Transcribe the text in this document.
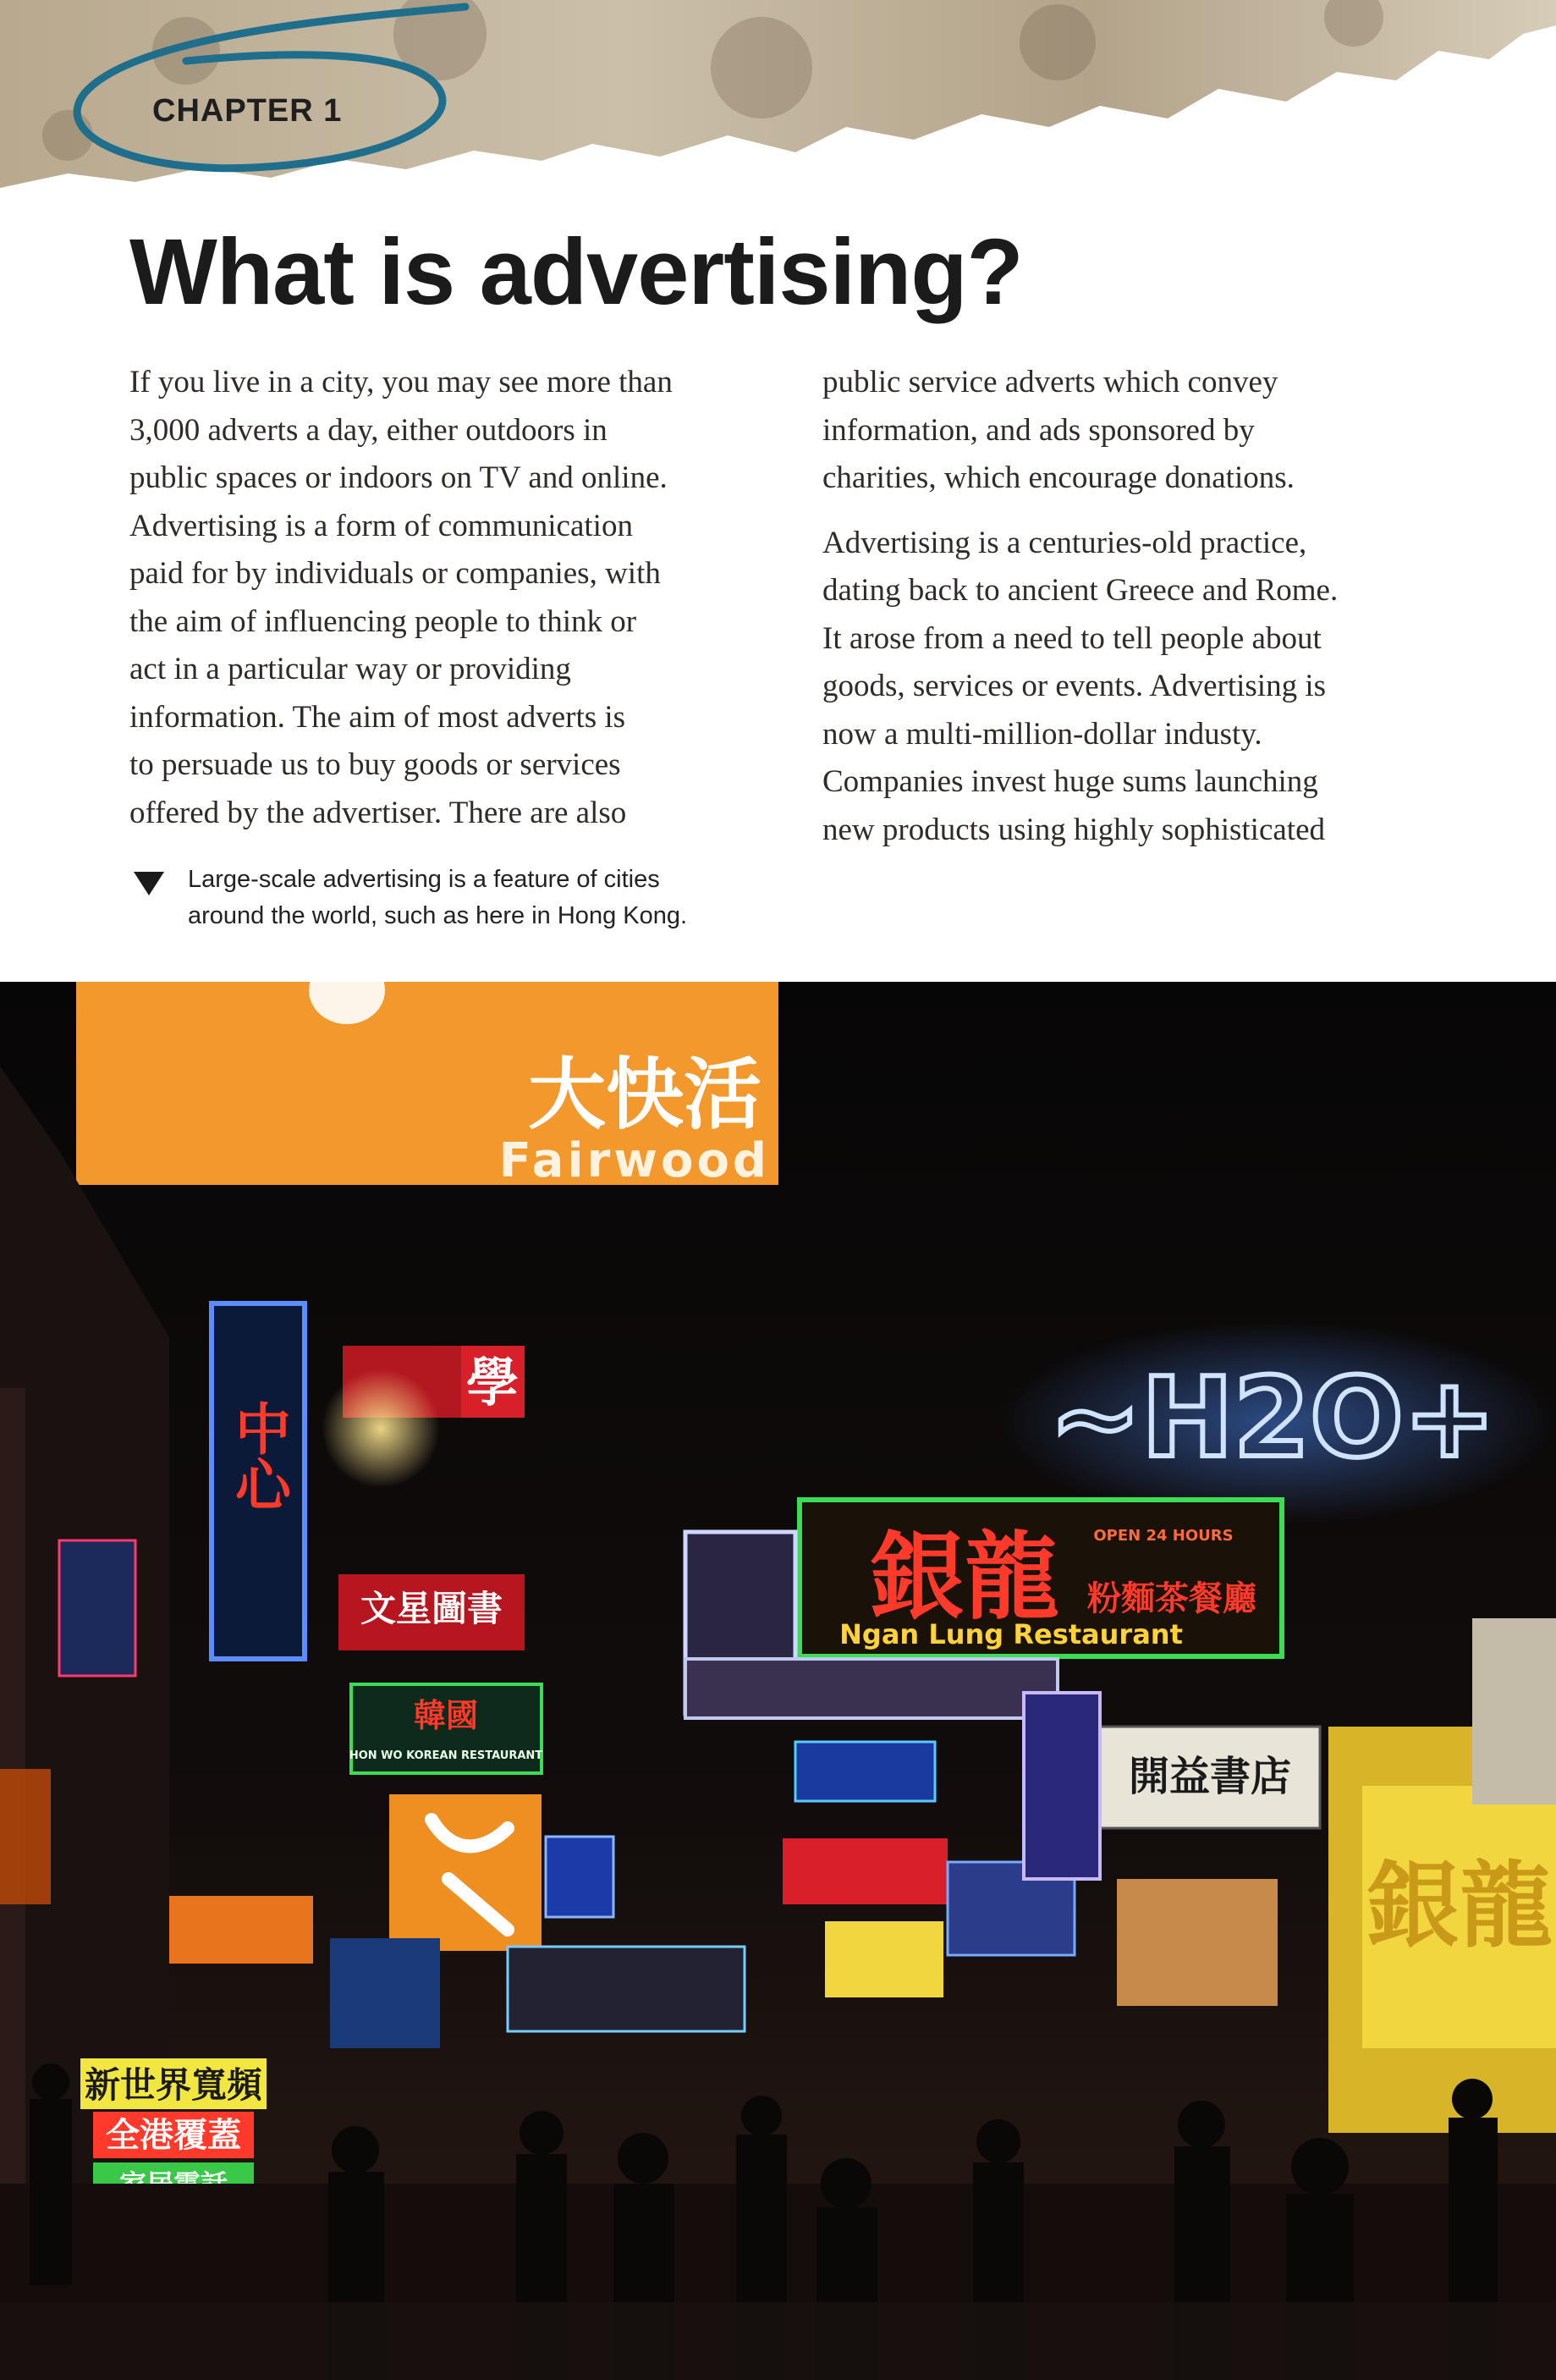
CHAPTER 1
What is advertising?

If you live in a city, you may see more than
3,000 adverts a day, either outdoors in
public spaces or indoors on TV and online.
Advertising is a form of communication
paid for by individuals or companies, with
the aim of influencing people to think or
act in a particular way or providing
information. The aim of most adverts is
to persuade us to buy goods or services
offered by the advertiser. There are also

public service adverts which convey
information, and ads sponsored by
charities, which encourage donations.

Advertising is a centuries-old practice,
dating back to ancient Greece and Rome.
It arose from a need to tell people about
goods, services or events. Advertising is
now a multi-million-dollar industy.
Companies invest huge sums launching
new products using highly sophisticated

Large-scale advertising is a feature of cities
around the world, such as here in Hong Kong.
大快活
Fairwood
中心
學
文星圖書
韓國
HON WO KOREAN RESTAURANT
~H2O+
銀龍 粉麵茶餐廳
Ngan Lung Restaurant
OPEN 24 HOURS
開益書店
銀龍
新世界寬頻
全港覆蓋
